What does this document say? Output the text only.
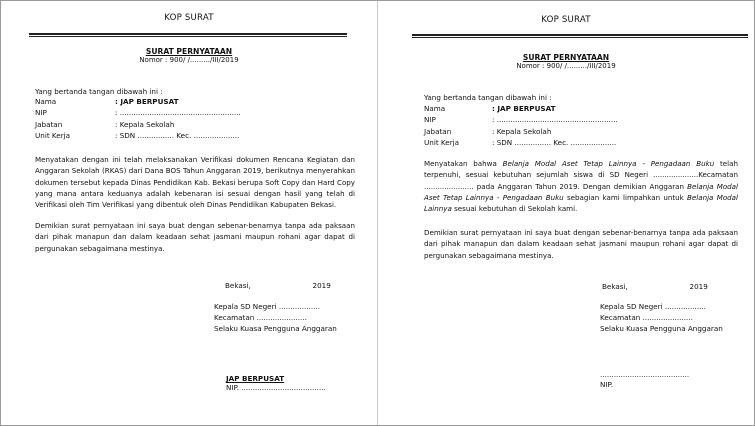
KOP SURAT
SURAT PERNYATAAN
Nomor : 900/ /........./III/2019
Yang bertanda tangan dibawah ini :
Nama	: JAP BERPUSAT
NIP	: .....................................................
Jabatan	: Kepala Sekolah
Unit Kerja	: SDN ................ Kec. ....................
Menyatakan dengan ini telah melaksanakan Verifikasi dokumen Rencana Kegiatan dan Anggaran Sekolah (RKAS) dari Dana BOS Tahun Anggaran 2019, berikutnya menyerahkan dokumen tersebut kepada Dinas Pendidikan Kab. Bekasi berupa Soft Copy dan Hard Copy yang mana antara keduanya adalah kebenaran isi sesuai dengan hasil yang telah di Verifikasi oleh Tim Verifikasi yang dibentuk oleh Dinas Pendidikan Kabupaten Bekasi.
Demikian surat pernyataan ini saya buat dengan sebenar-benarnya tanpa ada paksaan dari pihak manapun dan dalam keadaan sehat jasmani maupun rohani agar dapat di pergunakan sebagaimana mestinya.
Bekasi,                           2019
Kepala SD Negeri ..................
Kecamatan ......................
Selaku Kuasa Pengguna Anggaran
JAP BERPUSAT
NIP. .....................................
KOP SURAT
SURAT PERNYATAAN
Nomor : 900/ /........./III/2019
Yang bertanda tangan dibawah ini :
Nama	: JAP BERPUSAT
NIP	: .....................................................
Jabatan	: Kepala Sekolah
Unit Kerja	: SDN ................ Kec. ....................
Menyatakan bahwa Belanja Modal Aset Tetap Lainnya - Pengadaan Buku telah terpenuhi, sesuai kebutuhan sejumlah siswa di SD Negeri ....................Kecamatan ...................... pada Anggaran Tahun 2019. Dengan demikian Anggaran Belanja Modal Aset Tetap Lainnya - Pengadaan Buku sebagian kami limpahkan untuk Belanja Modal Lainnya sesuai kebutuhan di Sekolah kami.
Demikian surat pernyataan ini saya buat dengan sebenar-benarnya tanpa ada paksaan dari pihak manapun dan dalam keadaan sehat jasmani maupun rohani agar dapat di pergunakan sebagaimana mestinya.
Bekasi,                           2019
Kepala SD Negeri ..................
Kecamatan ......................
Selaku Kuasa Pengguna Anggaran
.......................................
NIP.
